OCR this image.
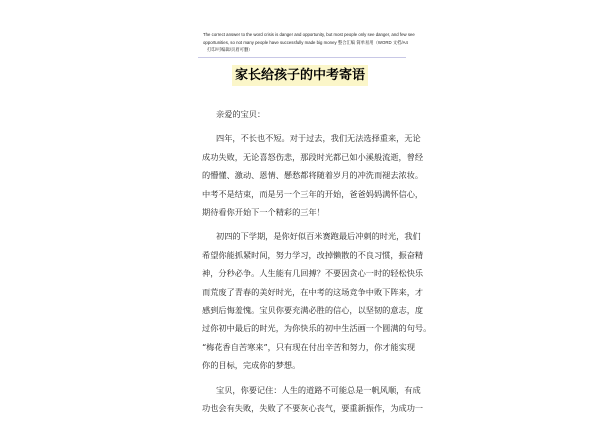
The correct answer to the word crisis is danger and opportunity, but most people only see danger, and few see
opportunities, so not many people have successfully made big money 整合汇编 简单易用（WORD 文档/A4
打印/可编辑/页眉可删）
家长给孩子的中考寄语
亲爱的宝贝：
四年，不长也不短。对于过去，我们无法选择重来，无论
成功失败，无论喜怒伤悲，那段时光都已如小溪般流逝，曾经
的懵懂、激动、恩情、懸愁都将随着岁月的冲洗而褪去浓妆。
中考不是结束，而是另一个三年的开始，爸爸妈妈满怀信心，
期待看你开始下一个精彩的三年！
初四的下学期，是你好似百米赛跑最后冲刺的时光，我们
希望你能抓紧时间，努力学习，改掉懒散的不良习惯，振奋精
神，分秒必争。人生能有几回搏？不要因贪心一时的轻松快乐
而荒废了青春的美好时光，在中考的这场竞争中败下阵来，才
感到后悔羞愧。宝贝你要充满必胜的信心，以坚韧的意志，度
过你初中最后的时光，为你快乐的初中生活画一个圆满的句号。
“梅花香自苦寒来”，只有现在付出辛苦和努力，你才能实现
你的目标，完成你的梦想。
宝贝，你要记住：人生的道路不可能总是一帆风顺，有成
功也会有失败，失败了不要灰心丧气，要重新振作，为成功一
